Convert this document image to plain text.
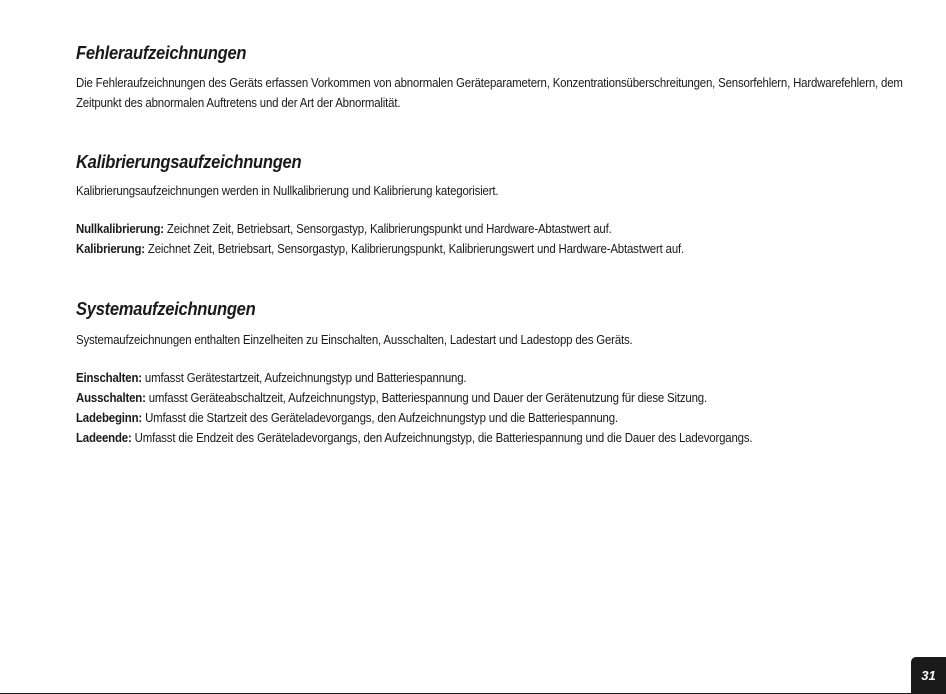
Fehleraufzeichnungen

Die Fehleraufzeichnungen des Geräts erfassen Vorkommen von abnormalen Geräteparametern, Konzentrationsüberschreitungen, Sensorfehlern, Hardwarefehlern, dem Zeitpunkt des abnormalen Auftretens und der Art der Abnormalität.

Kalibrierungsaufzeichnungen

Kalibrierungsaufzeichnungen werden in Nullkalibrierung und Kalibrierung kategorisiert.

Nullkalibrierung: Zeichnet Zeit, Betriebsart, Sensorgastyp, Kalibrierungspunkt und Hardware-Abtastwert auf.

Kalibrierung: Zeichnet Zeit, Betriebsart, Sensorgastyp, Kalibrierungspunkt, Kalibrierungswert und Hardware-Abtastwert auf.

Systemaufzeichnungen

Systemaufzeichnungen enthalten Einzelheiten zu Einschalten, Ausschalten, Ladestart und Ladestopp des Geräts.

Einschalten: umfasst Gerätestartzeit, Aufzeichnungstyp und Batteriespannung.

Ausschalten: umfasst Geräteabschaltzeit, Aufzeichnungstyp, Batteriespannung und Dauer der Gerätenutzung für diese Sitzung.

Ladebeginn: Umfasst die Startzeit des Geräteladevorgangs, den Aufzeichnungstyp und die Batteriespannung.

Ladeende: Umfasst die Endzeit des Geräteladevorgangs, den Aufzeichnungstyp, die Batteriespannung und die Dauer des Ladevorgangs.

31
